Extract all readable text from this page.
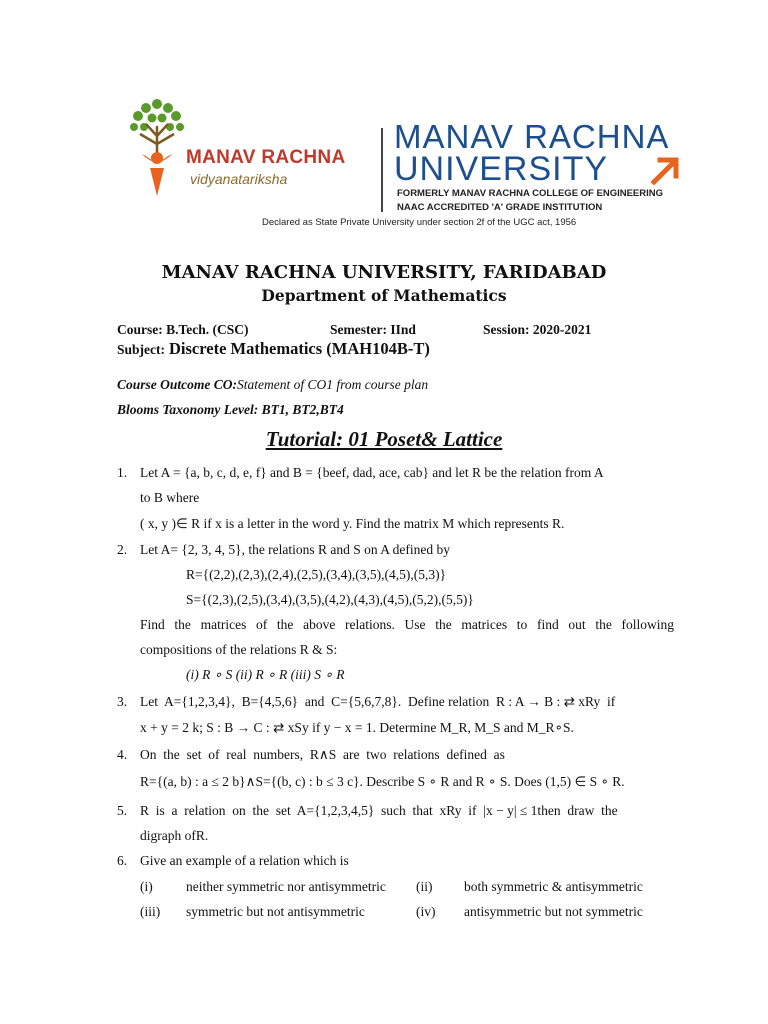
MANAV RACHNA
vidyanatariksha
MANAV RACHNA
UNIVERSITY
FORMERLY MANAV RACHNA COLLEGE OF ENGINEERING
NAAC ACCREDITED 'A' GRADE INSTITUTION
Declared as State Private University under section 2f of the UGC act, 1956
MANAV RACHNA UNIVERSITY, FARIDABAD
Department of Mathematics
Course: B.Tech. (CSC)	Semester: IInd	Session: 2020-2021
Subject: Discrete Mathematics (MAH104B-T)
Course Outcome CO:Statement of CO1 from course plan
Blooms Taxonomy Level: BT1, BT2,BT4
Tutorial: 01 Poset& Lattice
1. Let A = {a, b, c, d, e, f} and B = {beef, dad, ace, cab} and let R be the relation from A
to B where
( x, y )∈ R if x is a letter in the word y. Find the matrix M which represents R.
2. Let A= {2, 3, 4, 5}, the relations R and S on A defined by
R={(2,2),(2,3),(2,4),(2,5),(3,4),(3,5),(4,5),(5,3)}
S={(2,3),(2,5),(3,4),(3,5),(4,2),(4,3),(4,5),(5,2),(5,5)}
Find the matrices of the above relations. Use the matrices to find out the following
compositions of the relations R & S:
(i) R ∘ S (ii) R ∘ R (iii) S ∘ R
3. Let  A={1,2,3,4},  B={4,5,6}  and  C={5,6,7,8}.  Define relation  R : A → B : ⇄ xRy  if
x + y = 2 k; S : B → C : ⇄ xSy if y − x = 1. Determine M_R, M_S and M_R∘S.
4. On  the  set  of  real  numbers,  R∧S  are  two  relations  defined  as
R={(a, b) : a ≤ 2 b}∧S={(b, c) : b ≤ 3 c}. Describe S ∘ R and R ∘ S. Does (1,5) ∈ S ∘ R.
5. R  is  a  relation  on  the  set  A={1,2,3,4,5}  such  that  xRy  if  |x − y| ≤ 1then  draw  the
digraph ofR.
6. Give an example of a relation which is
(i) neither symmetric nor antisymmetric (ii) both symmetric & antisymmetric
(iii) symmetric but not antisymmetric	(iv) antisymmetric but not symmetric
